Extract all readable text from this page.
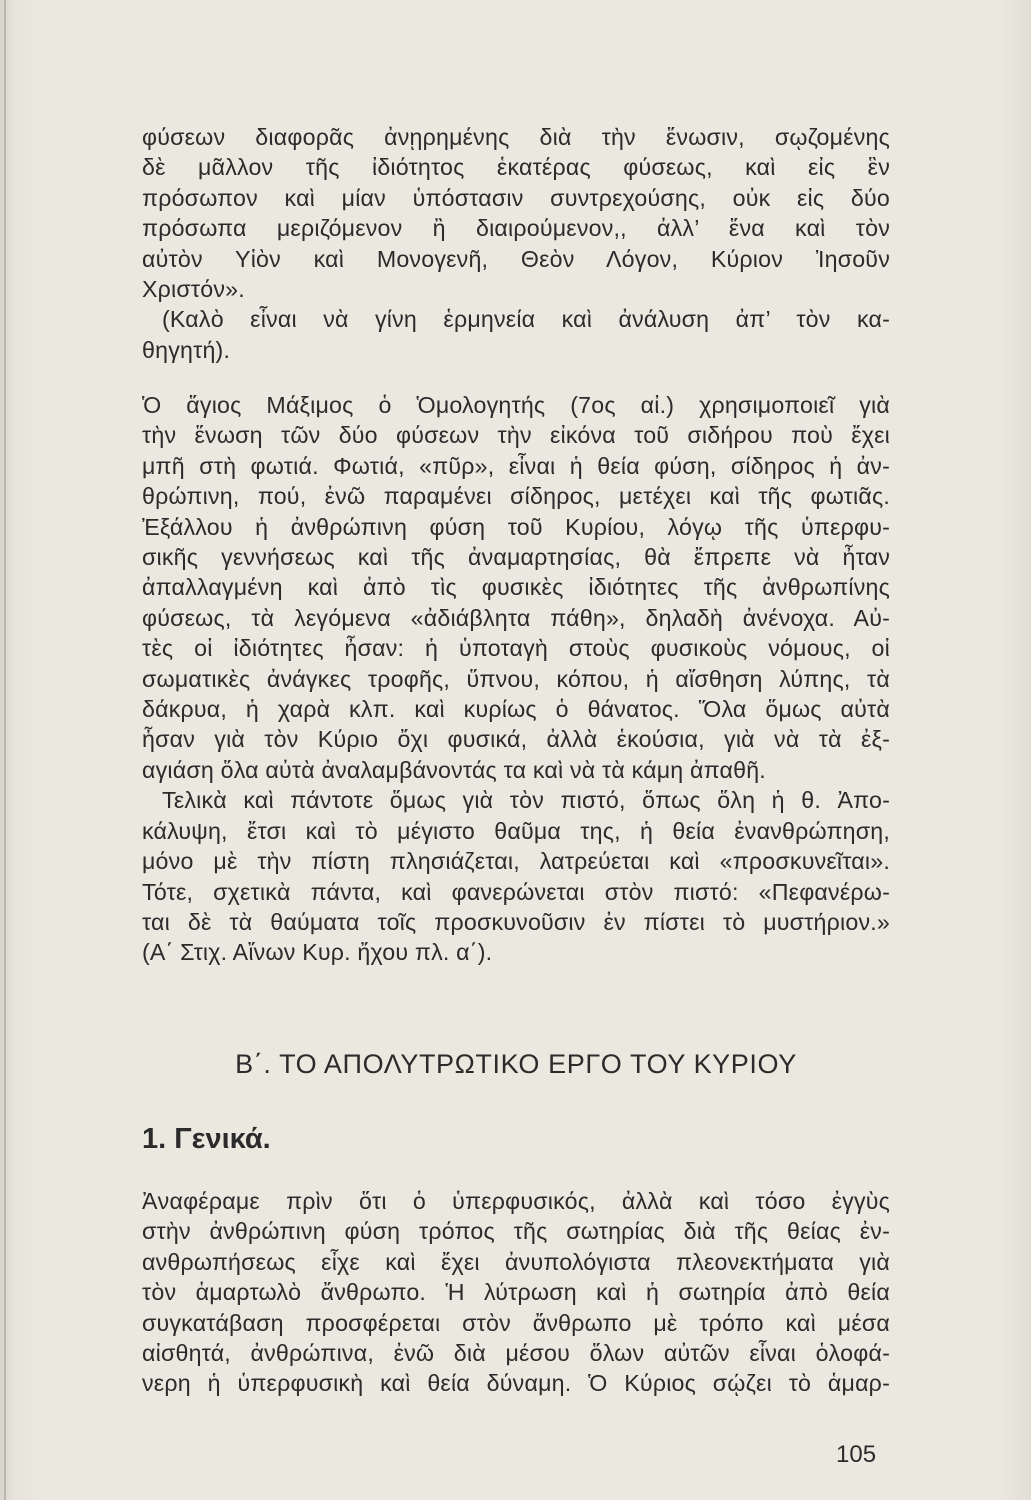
φύσεων διαφορᾶς ἀνῃρημένης διὰ τὴν ἕνωσιν, σῳζομένης
δὲ μᾶλλον τῆς ἰδιότητος ἑκατέρας φύσεως, καὶ εἰς ἓν
πρόσωπον καὶ μίαν ὑπόστασιν συντρεχούσης, οὐκ εἰς δύο
πρόσωπα μεριζόμενον ἢ διαιρούμενον,, ἀλλ’ ἕνα καὶ τὸν
αὐτὸν Υἱὸν καὶ Μονογενῆ, Θεὸν Λόγον, Κύριον Ἰησοῦν
Χριστόν».
(Καλὸ εἶναι νὰ γίνη ἑρμηνεία καὶ ἀνάλυση ἀπ’ τὸν κα-
θηγητή).
Ὁ ἅγιος Μάξιμος ὁ Ὁμολογητής (7ος αἰ.) χρησιμοποιεῖ γιὰ
τὴν ἕνωση τῶν δύο φύσεων τὴν εἰκόνα τοῦ σιδήρου ποὺ ἔχει
μπῆ στὴ φωτιά. Φωτιά, «πῦρ», εἶναι ἡ θεία φύση, σίδηρος ἡ ἀν-
θρώπινη, πού, ἐνῶ παραμένει σίδηρος, μετέχει καὶ τῆς φωτιᾶς.
Ἐξάλλου ἡ ἀνθρώπινη φύση τοῦ Κυρίου, λόγῳ τῆς ὑπερφυ-
σικῆς γεννήσεως καὶ τῆς ἀναμαρτησίας, θὰ ἔπρεπε νὰ ἦταν
ἀπαλλαγμένη καὶ ἀπὸ τὶς φυσικὲς ἰδιότητες τῆς ἀνθρωπίνης
φύσεως, τὰ λεγόμενα «ἀδιάβλητα πάθη», δηλαδὴ ἀνένοχα. Αὐ-
τὲς οἱ ἰδιότητες ἦσαν: ἡ ὑποταγὴ στοὺς φυσικοὺς νόμους, οἱ
σωματικὲς ἀνάγκες τροφῆς, ὕπνου, κόπου, ἡ αἴσθηση λύπης, τὰ
δάκρυα, ἡ χαρὰ κλπ. καὶ κυρίως ὁ θάνατος. Ὅλα ὅμως αὐτὰ
ἦσαν γιὰ τὸν Κύριο ὄχι φυσικά, ἀλλὰ ἑκούσια, γιὰ νὰ τὰ ἐξ-
αγιάση ὅλα αὐτὰ ἀναλαμβάνοντάς τα καὶ νὰ τὰ κάμη ἀπαθῆ.
Τελικὰ καὶ πάντοτε ὅμως γιὰ τὸν πιστό, ὅπως ὅλη ἡ θ. Ἀπο-
κάλυψη, ἔτσι καὶ τὸ μέγιστο θαῦμα της, ἡ θεία ἐνανθρώπηση,
μόνο μὲ τὴν πίστη πλησιάζεται, λατρεύεται καὶ «προσκυνεῖται».
Τότε, σχετικὰ πάντα, καὶ φανερώνεται στὸν πιστό: «Πεφανέρω-
ται δὲ τὰ θαύματα τοῖς προσκυνοῦσιν ἐν πίστει τὸ μυστήριον.»
(Α΄ Στιχ. Αἴνων Κυρ. ἤχου πλ. α΄).
Β΄. ΤΟ ΑΠΟΛΥΤΡΩΤΙΚΟ ΕΡΓΟ ΤΟΥ ΚΥΡΙΟΥ
1. Γενικά.
Ἀναφέραμε πρὶν ὅτι ὁ ὑπερφυσικός, ἀλλὰ καὶ τόσο ἐγγὺς
στὴν ἀνθρώπινη φύση τρόπος τῆς σωτηρίας διὰ τῆς θείας ἐν-
ανθρωπήσεως εἶχε καὶ ἔχει ἀνυπολόγιστα πλεονεκτήματα γιὰ
τὸν ἁμαρτωλὸ ἄνθρωπο. Ἡ λύτρωση καὶ ἡ σωτηρία ἀπὸ θεία
συγκατάβαση προσφέρεται στὸν ἄνθρωπο μὲ τρόπο καὶ μέσα
αἰσθητά, ἀνθρώπινα, ἐνῶ διὰ μέσου ὅλων αὐτῶν εἶναι ὁλοφά-
νερη ἡ ὑπερφυσικὴ καὶ θεία δύναμη. Ὁ Κύριος σῴζει τὸ ἁμαρ-
105
